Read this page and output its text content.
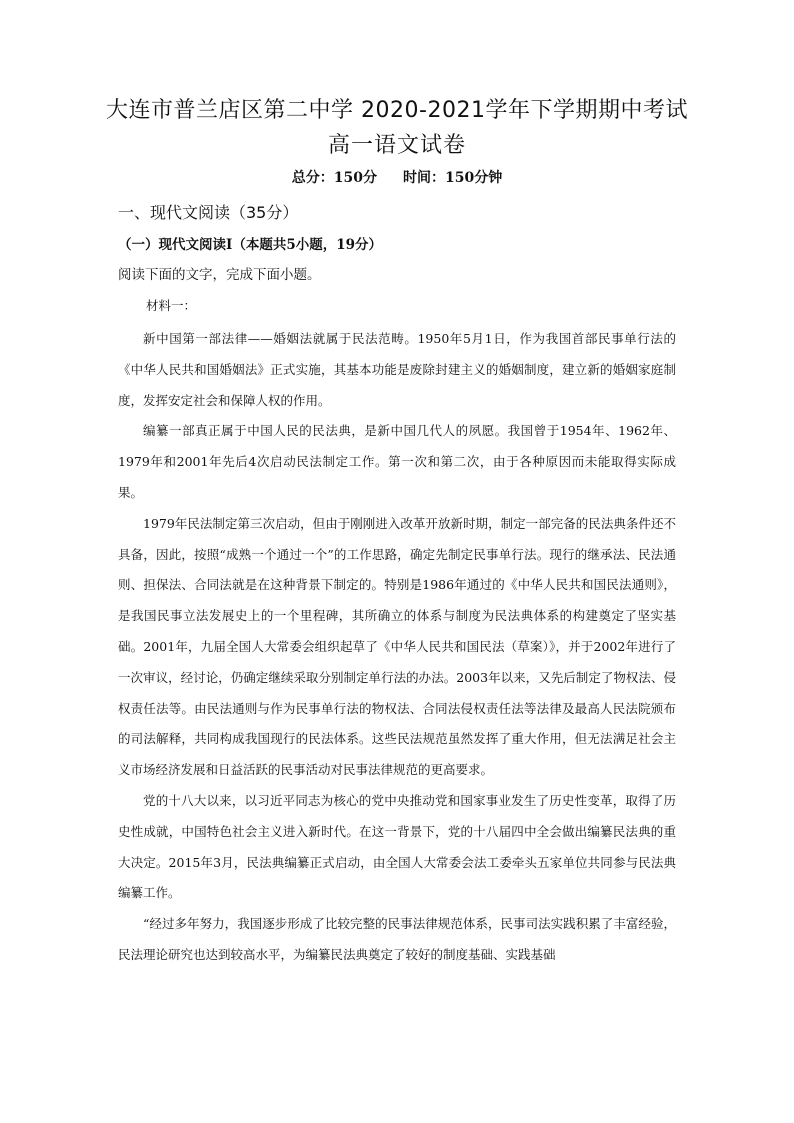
大连市普兰店区第二中学 2020-2021学年下学期期中考试
高一语文试卷
总分：150分 时间：150分钟
一、现代文阅读（35分）
（一）现代文阅读Ⅰ（本题共5小题，19分）
阅读下面的文字，完成下面小题。
材料一：

新中国第一部法律——婚姻法就属于民法范畴。1950年5月1日，作为我国首部民事单行法的《中华人民共和国婚姻法》正式实施，其基本功能是废除封建主义的婚姻制度，建立新的婚姻家庭制度，发挥安定社会和保障人权的作用。

编纂一部真正属于中国人民的民法典，是新中国几代人的夙愿。我国曾于1954年、1962年、1979年和2001年先后4次启动民法制定工作。第一次和第二次，由于各种原因而未能取得实际成果。

1979年民法制定第三次启动，但由于刚刚进入改革开放新时期，制定一部完备的民法典条件还不具备，因此，按照“成熟一个通过一个”的工作思路，确定先制定民事单行法。现行的继承法、民法通则、担保法、合同法就是在这种背景下制定的。特别是1986年通过的《中华人民共和国民法通则》，是我国民事立法发展史上的一个里程碑，其所确立的体系与制度为民法典体系的构建奠定了坚实基础。2001年，九届全国人大常委会组织起草了《中华人民共和国民法（草案）》，并于2002年进行了一次审议，经讨论，仍确定继续采取分别制定单行法的办法。2003年以来，又先后制定了物权法、侵权责任法等。由民法通则与作为民事单行法的物权法、合同法侵权责任法等法律及最高人民法院颁布的司法解释，共同构成我国现行的民法体系。这些民法规范虽然发挥了重大作用，但无法满足社会主义市场经济发展和日益活跃的民事活动对民事法律规范的更高要求。

党的十八大以来，以习近平同志为核心的党中央推动党和国家事业发生了历史性变革，取得了历史性成就，中国特色社会主义进入新时代。在这一背景下，党的十八届四中全会做出编纂民法典的重大决定。2015年3月，民法典编纂正式启动，由全国人大常委会法工委牵头五家单位共同参与民法典编纂工作。

“经过多年努力，我国逐步形成了比较完整的民事法律规范体系，民事司法实践积累了丰富经验，民法理论研究也达到较高水平，为编纂民法典奠定了较好的制度基础、实践基础
